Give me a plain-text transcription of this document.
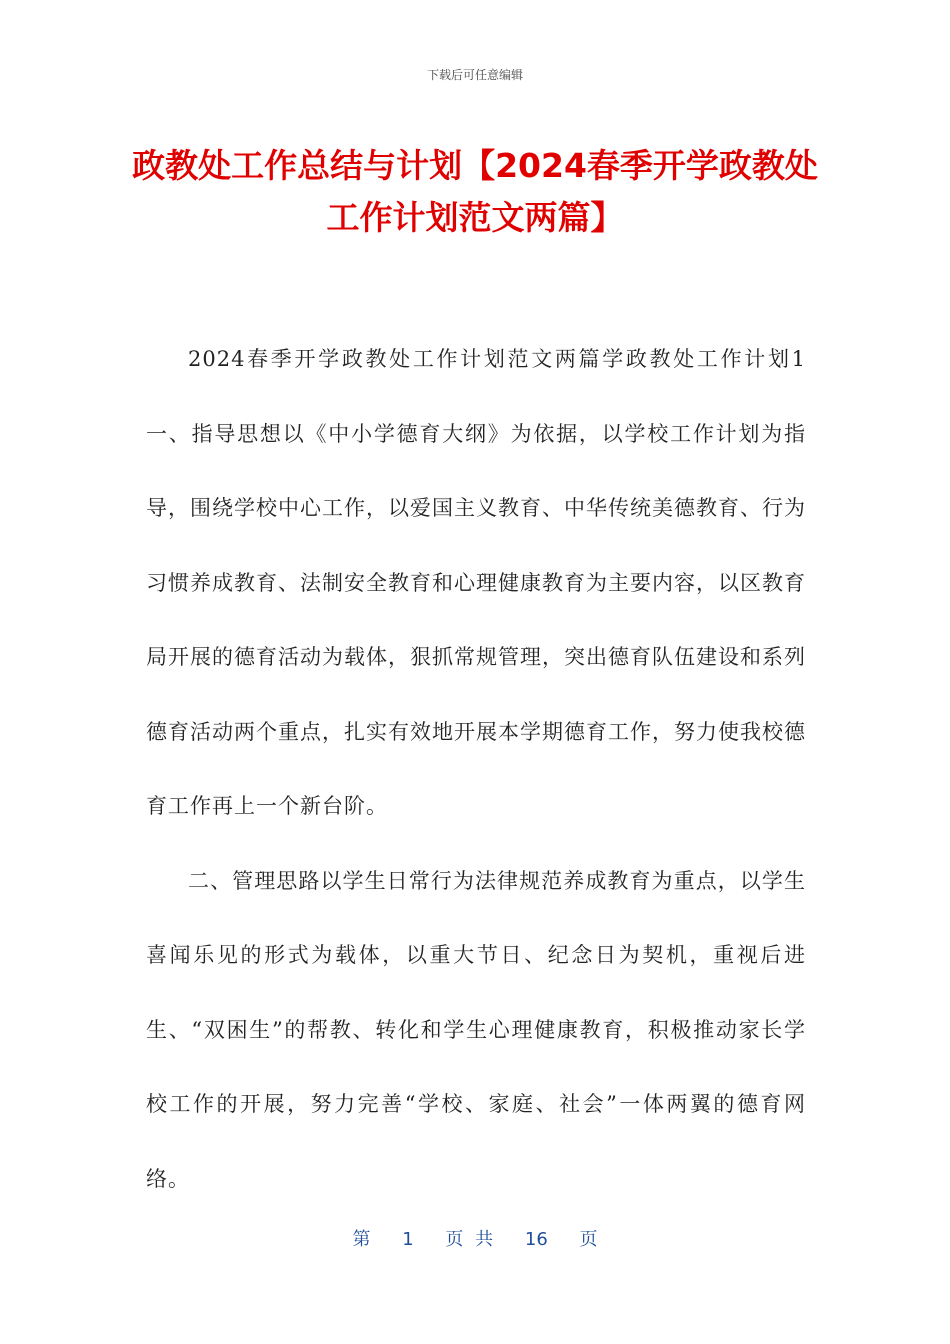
下载后可任意编辑
政教处工作总结与计划【2024春季开学政教处工作计划范文两篇】

2024春季开学政教处工作计划范文两篇学政教处工作计划1一、指导思想以《中小学德育大纲》为依据，以学校工作计划为指导，围绕学校中心工作，以爱国主义教育、中华传统美德教育、行为习惯养成教育、法制安全教育和心理健康教育为主要内容，以区教育局开展的德育活动为载体，狠抓常规管理，突出德育队伍建设和系列德育活动两个重点，扎实有效地开展本学期德育工作，努力使我校德育工作再上一个新台阶。

二、管理思路以学生日常行为法律规范养成教育为重点，以学生喜闻乐见的形式为载体，以重大节日、纪念日为契机，重视后进生、“双困生”的帮教、转化和学生心理健康教育，积极推动家长学校工作的开展，努力完善“学校、家庭、社会”一体两翼的德育网络。

第 1 页 共 16 页
